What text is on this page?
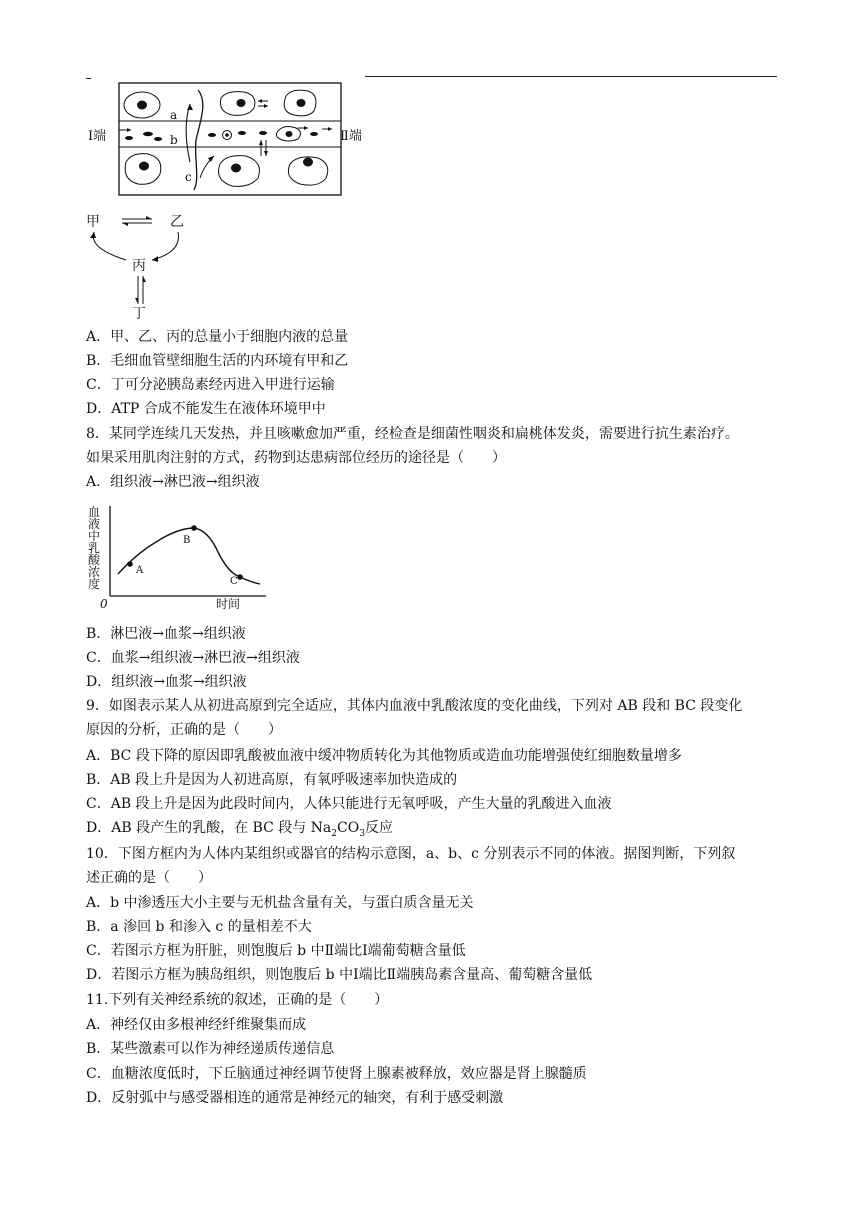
a
b
c
Ⅰ端	Ⅱ端
甲	乙
丙
丁
A．甲、乙、丙的总量小于细胞内液的总量
B．毛细血管壁细胞生活的内环境有甲和乙
C．丁可分泌胰岛素经丙进入甲进行运输
D．ATP 合成不能发生在液体环境甲中
8．某同学连续几天发热，并且咳嗽愈加严重，经检查是细菌性咽炎和扁桃体发炎，需要进行抗生素治疗。
如果采用肌肉注射的方式，药物到达患病部位经历的途径是（　　）
A．组织液→淋巴液→组织液
血
液
中
乳
酸
浓
度
0	时间
A
B
C
B．淋巴液→血浆→组织液
C．血浆→组织液→淋巴液→组织液
D．组织液→血浆→组织液
9．如图表示某人从初进高原到完全适应，其体内血液中乳酸浓度的变化曲线，下列对 AB 段和 BC 段变化
原因的分析，正确的是（　　）
A．BC 段下降的原因即乳酸被血液中缓冲物质转化为其他物质或造血功能增强使红细胞数量增多
B．AB 段上升是因为人初进高原，有氧呼吸速率加快造成的
C．AB 段上升是因为此段时间内，人体只能进行无氧呼吸，产生大量的乳酸进入血液
D．AB 段产生的乳酸，在 BC 段与 $Na_2CO_3$反应
10．下图方框内为人体内某组织或器官的结构示意图，a、b、c 分别表示不同的体液。据图判断，下列叙
述正确的是（　　）
A．b 中渗透压大小主要与无机盐含量有关，与蛋白质含量无关
B．a 渗回 b 和渗入 c 的量相差不大
C．若图示方框为肝脏，则饱腹后 b 中Ⅱ端比Ⅰ端葡萄糖含量低
D．若图示方框为胰岛组织，则饱腹后 b 中Ⅰ端比Ⅱ端胰岛素含量高、葡萄糖含量低
11.下列有关神经系统的叙述，正确的是（　　）
A．神经仅由多根神经纤维聚集而成
B．某些激素可以作为神经递质传递信息
C．血糖浓度低时，下丘脑通过神经调节使肾上腺素被释放，效应器是肾上腺髓质
D．反射弧中与感受器相连的通常是神经元的轴突，有利于感受刺激
